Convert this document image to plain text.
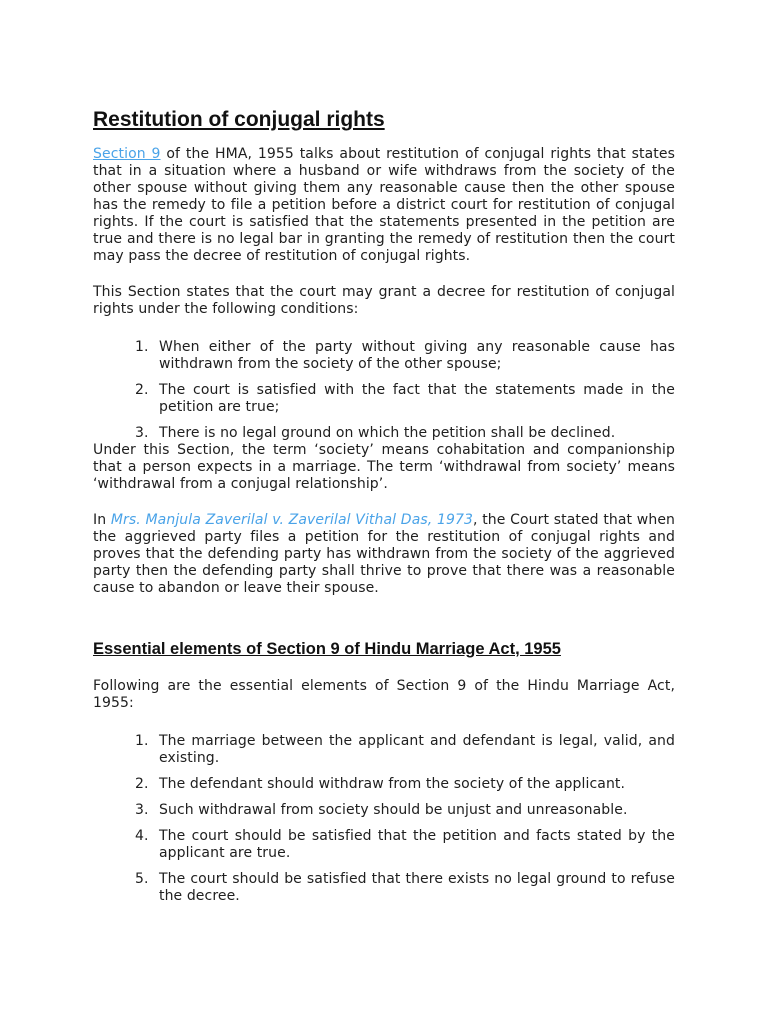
Restitution of conjugal rights

Section 9 of the HMA, 1955 talks about restitution of conjugal rights that states that in a situation where a husband or wife withdraws from the society of the other spouse without giving them any reasonable cause then the other spouse has the remedy to file a petition before a district court for restitution of conjugal rights. If the court is satisfied that the statements presented in the petition are true and there is no legal bar in granting the remedy of restitution then the court may pass the decree of restitution of conjugal rights.

This Section states that the court may grant a decree for restitution of conjugal rights under the following conditions:

1. When either of the party without giving any reasonable cause has withdrawn from the society of the other spouse;
2. The court is satisfied with the fact that the statements made in the petition are true;
3. There is no legal ground on which the petition shall be declined.

Under this Section, the term ‘society’ means cohabitation and companionship that a person expects in a marriage. The term ‘withdrawal from society’ means ‘withdrawal from a conjugal relationship’.

In Mrs. Manjula Zaverilal v. Zaverilal Vithal Das, 1973, the Court stated that when the aggrieved party files a petition for the restitution of conjugal rights and proves that the defending party has withdrawn from the society of the aggrieved party then the defending party shall thrive to prove that there was a reasonable cause to abandon or leave their spouse.

Essential elements of Section 9 of Hindu Marriage Act, 1955

Following are the essential elements of Section 9 of the Hindu Marriage Act, 1955:

1. The marriage between the applicant and defendant is legal, valid, and existing.
2. The defendant should withdraw from the society of the applicant.
3. Such withdrawal from society should be unjust and unreasonable.
4. The court should be satisfied that the petition and facts stated by the applicant are true.
5. The court should be satisfied that there exists no legal ground to refuse the decree.
